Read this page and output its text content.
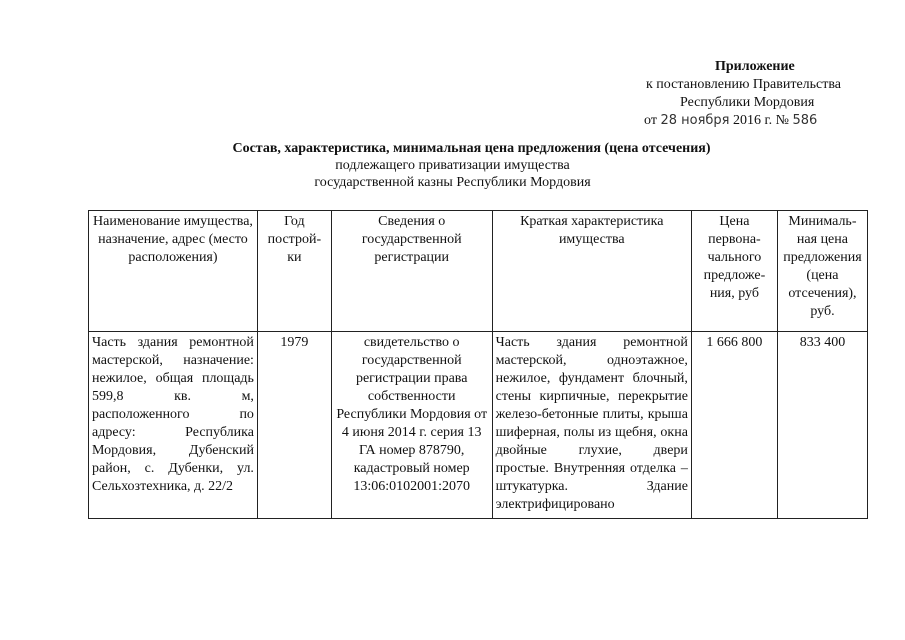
Приложение
к постановлению Правительства
Республики Мордовия
от 28 ноября 2016 г. № 586
Состав, характеристика, минимальная цена предложения (цена отсечения)
подлежащего приватизации имущества
государственной казны Республики Мордовия
Наименование имущества, назначение, адрес (место расположения)	Год построй-ки	Сведения о государственной регистрации	Краткая характеристика имущества	Цена первона-чального предложе-ния, руб	Минималь-ная цена предложения (цена отсечения), руб.
Часть здания ремонтной мастерской, назначение: нежилое, общая площадь 599,8 кв. м, расположенного по адресу: Республика Мордовия, Дубенский район, с. Дубенки, ул. Сельхозтехника, д. 22/2	1979	свидетельство о государственной регистрации права собственности Республики Мордовия от 4 июня 2014 г. серия 13 ГА номер 878790, кадастровый номер 13:06:0102001:2070	Часть здания ремонтной мастерской, одноэтажное, нежилое, фундамент блочный, стены кирпичные, перекрытие железо-бетонные плиты, крыша шиферная, полы из щебня, окна двойные глухие, двери простые. Внутренняя отделка – штукатурка. Здание электрифицировано	1 666 800	833 400
